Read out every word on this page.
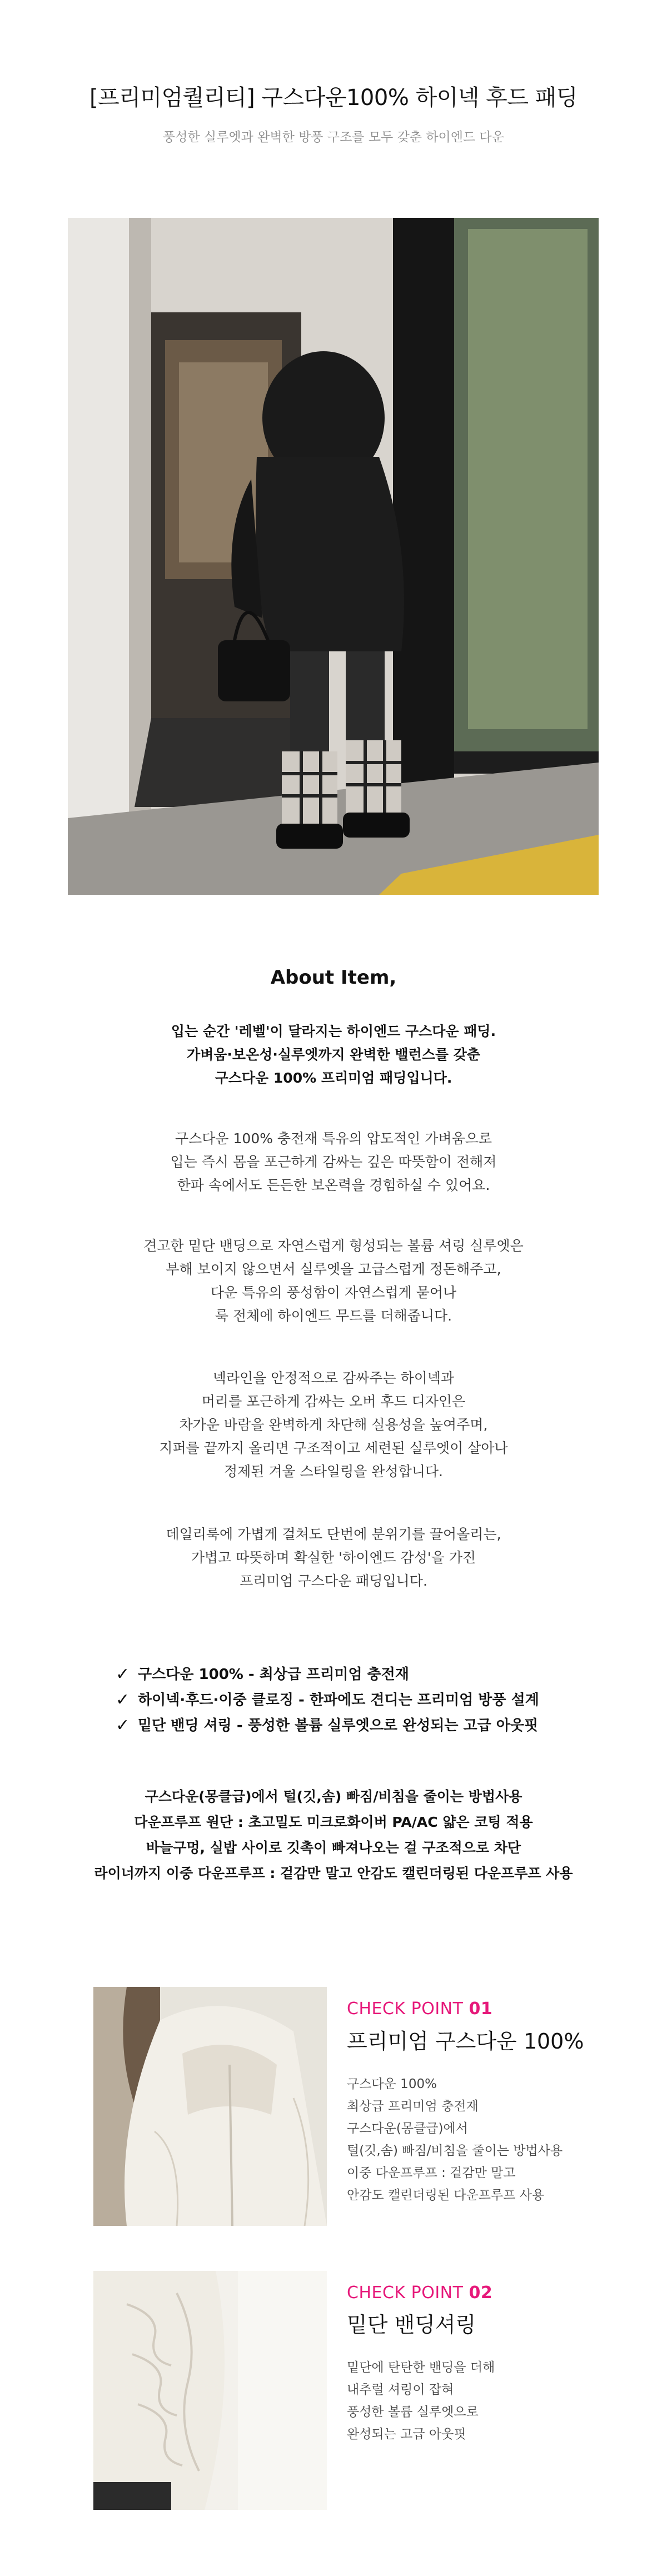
[프리미엄퀄리티] 구스다운100% 하이넥 후드 패딩
풍성한 실루엣과 완벽한 방풍 구조를 모두 갖춘 하이엔드 다운
About Item,
입는 순간 '레벨'이 달라지는 하이엔드 구스다운 패딩.
가벼움·보온성·실루엣까지 완벽한 밸런스를 갖춘
구스다운 100% 프리미엄 패딩입니다.
구스다운 100% 충전재 특유의 압도적인 가벼움으로
입는 즉시 몸을 포근하게 감싸는 깊은 따뜻함이 전해져
한파 속에서도 든든한 보온력을 경험하실 수 있어요.
견고한 밑단 밴딩으로 자연스럽게 형성되는 볼륨 셔링 실루엣은
부해 보이지 않으면서 실루엣을 고급스럽게 정돈해주고,
다운 특유의 풍성함이 자연스럽게 묻어나
룩 전체에 하이엔드 무드를 더해줍니다.
넥라인을 안정적으로 감싸주는 하이넥과
머리를 포근하게 감싸는 오버 후드 디자인은
차가운 바람을 완벽하게 차단해 실용성을 높여주며,
지퍼를 끝까지 올리면 구조적이고 세련된 실루엣이 살아나
정제된 겨울 스타일링을 완성합니다.
데일리룩에 가볍게 걸쳐도 단번에 분위기를 끌어올리는,
가볍고 따뜻하며 확실한 '하이엔드 감성'을 가진
프리미엄 구스다운 패딩입니다.
✓ 구스다운 100% - 최상급 프리미엄 충전재
✓ 하이넥·후드·이중 클로징 - 한파에도 견디는 프리미엄 방풍 설계
✓ 밑단 밴딩 셔링 - 풍성한 볼륨 실루엣으로 완성되는 고급 아웃핏
구스다운(몽클급)에서 털(깃,솜) 빠짐/비침을 줄이는 방법사용
다운프루프 원단 : 초고밀도 미크로화이버 PA/AC 얇은 코팅 적용
바늘구멍, 실밥 사이로 깃촉이 빠져나오는 걸 구조적으로 차단
라이너까지 이중 다운프루프 : 겉감만 말고 안감도 캘린더링된 다운프루프 사용
CHECK POINT 01
프리미엄 구스다운 100%
구스다운 100%
최상급 프리미엄 충전재
구스다운(몽클급)에서
털(깃,솜) 빠짐/비침을 줄이는 방법사용
이중 다운프루프 : 겉감만 말고
안감도 캘린더링된 다운프루프 사용
CHECK POINT 02
밑단 밴딩셔링
밑단에 탄탄한 밴딩을 더해
내추럴 셔링이 잡혀
풍성한 볼륨 실루엣으로
완성되는 고급 아웃핏
